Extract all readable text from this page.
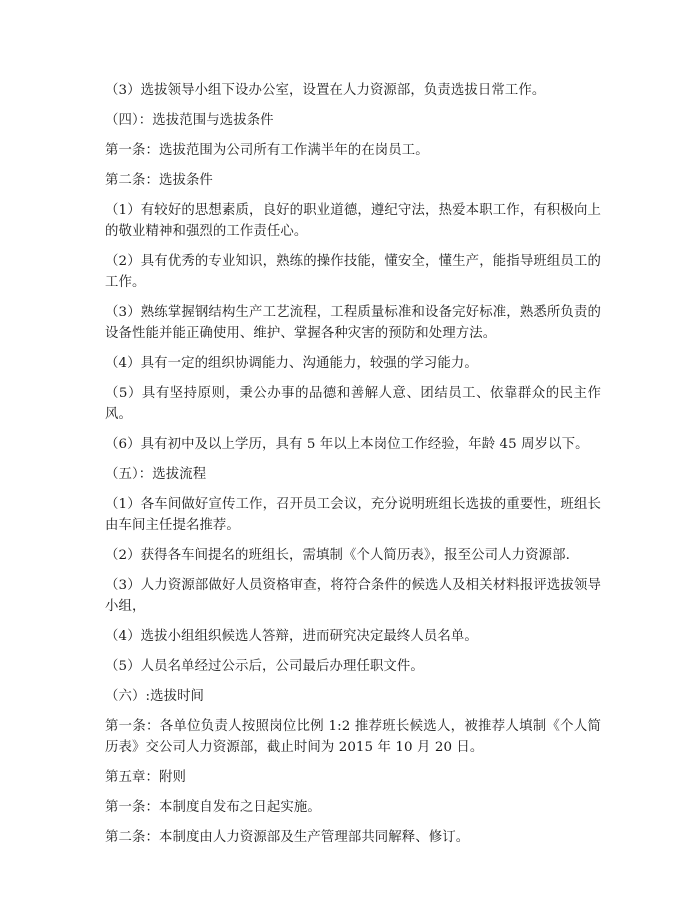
（3）选拔领导小组下设办公室，设置在人力资源部，负责选拔日常工作。

（四）：选拔范围与选拔条件

第一条：选拔范围为公司所有工作满半年的在岗员工。

第二条：选拔条件

（1）有较好的思想素质，良好的职业道德，遵纪守法，热爱本职工作，有积极向上的敬业精神和强烈的工作责任心。

（2）具有优秀的专业知识，熟练的操作技能，懂安全，懂生产，能指导班组员工的工作。

（3）熟练掌握钢结构生产工艺流程，工程质量标准和设备完好标准，熟悉所负责的设备性能并能正确使用、维护、掌握各种灾害的预防和处理方法。

（4）具有一定的组织协调能力、沟通能力，较强的学习能力。

（5）具有坚持原则，秉公办事的品德和善解人意、团结员工、依靠群众的民主作风。

（6）具有初中及以上学历，具有 5 年以上本岗位工作经验，年龄 45 周岁以下。

（五）：选拔流程

（1）各车间做好宣传工作，召开员工会议，充分说明班组长选拔的重要性，班组长由车间主任提名推荐。

（2）获得各车间提名的班组长，需填制《个人简历表》，报至公司人力资源部.

（3）人力资源部做好人员资格审查，将符合条件的候选人及相关材料报评选拔领导小组，

（4）选拔小组组织候选人答辩，进而研究决定最终人员名单。

（5）人员名单经过公示后，公司最后办理任职文件。

（六）:选拔时间

第一条：各单位负责人按照岗位比例 1:2 推荐班长候选人，被推荐人填制《个人简历表》交公司人力资源部，截止时间为 2015 年 10 月 20 日。

第五章：附则

第一条：本制度自发布之日起实施。

第二条：本制度由人力资源部及生产管理部共同解释、修订。
